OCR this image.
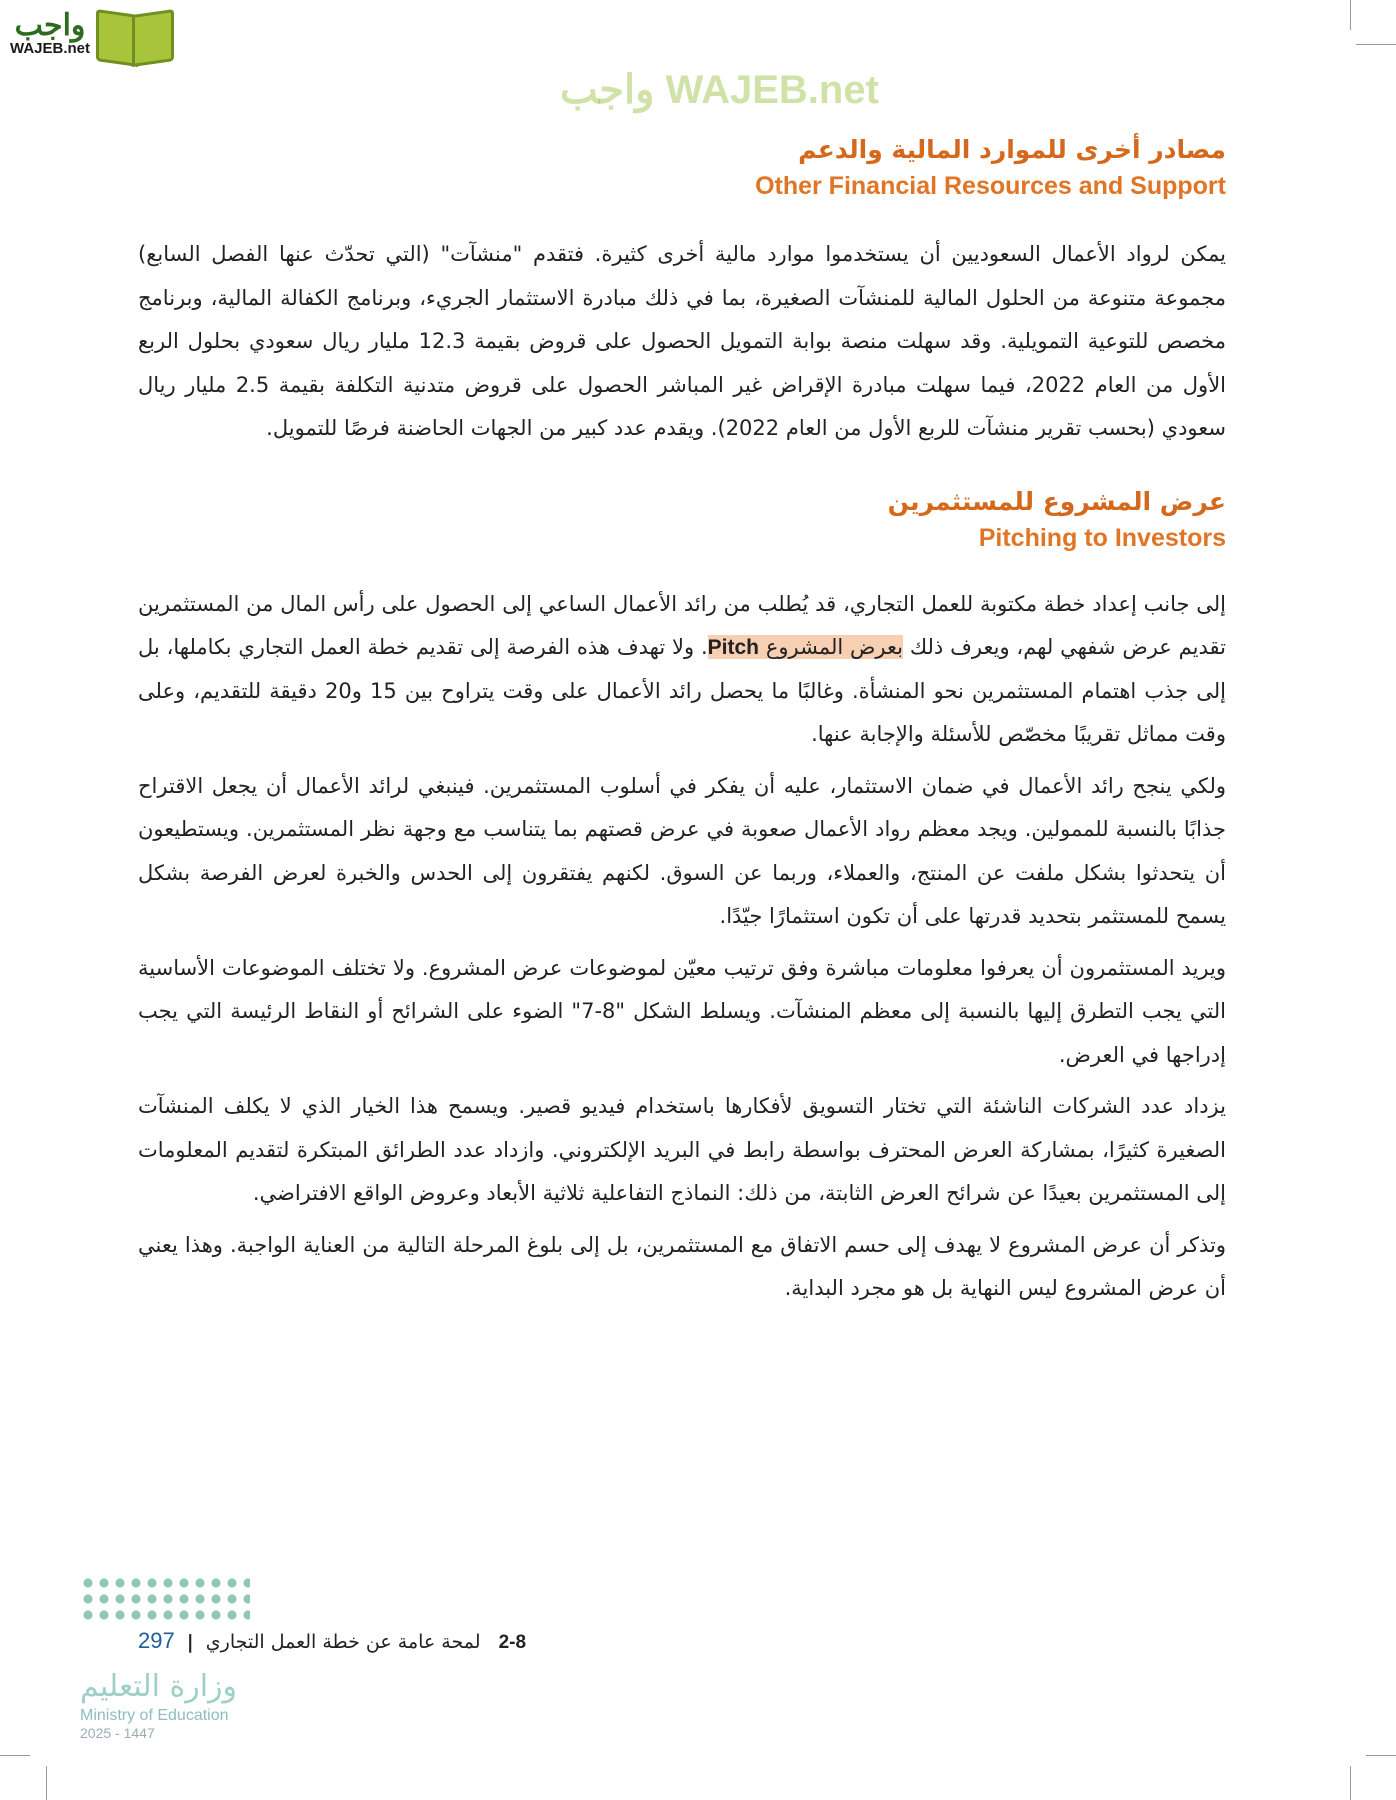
واجب
WAJEB.net
واجب WAJEB.net
مصادر أخرى للموارد المالية والدعم
Other Financial Resources and Support

يمكن لرواد الأعمال السعوديين أن يستخدموا موارد مالية أخرى كثيرة. فتقدم "منشآت" (التي تحدّث عنها الفصل السابع) مجموعة متنوعة من الحلول المالية للمنشآت الصغيرة، بما في ذلك مبادرة الاستثمار الجريء، وبرنامج الكفالة المالية، وبرنامج مخصص للتوعية التمويلية. وقد سهلت منصة بوابة التمويل الحصول على قروض بقيمة 12.3 مليار ريال سعودي بحلول الربع الأول من العام 2022، فيما سهلت مبادرة الإقراض غير المباشر الحصول على قروض متدنية التكلفة بقيمة 2.5 مليار ريال سعودي (بحسب تقرير منشآت للربع الأول من العام 2022). ويقدم عدد كبير من الجهات الحاضنة فرصًا للتمويل.

عرض المشروع للمستثمرين
Pitching to Investors

إلى جانب إعداد خطة مكتوبة للعمل التجاري، قد يُطلب من رائد الأعمال الساعي إلى الحصول على رأس المال من المستثمرين تقديم عرض شفهي لهم، ويعرف ذلك بعرض المشروع Pitch. ولا تهدف هذه الفرصة إلى تقديم خطة العمل التجاري بكاملها، بل إلى جذب اهتمام المستثمرين نحو المنشأة. وغالبًا ما يحصل رائد الأعمال على وقت يتراوح بين 15 و20 دقيقة للتقديم، وعلى وقت مماثل تقريبًا مخصّص للأسئلة والإجابة عنها.

ولكي ينجح رائد الأعمال في ضمان الاستثمار، عليه أن يفكر في أسلوب المستثمرين. فينبغي لرائد الأعمال أن يجعل الاقتراح جذابًا بالنسبة للممولين. ويجد معظم رواد الأعمال صعوبة في عرض قصتهم بما يتناسب مع وجهة نظر المستثمرين. ويستطيعون أن يتحدثوا بشكل ملفت عن المنتج، والعملاء، وربما عن السوق. لكنهم يفتقرون إلى الحدس والخبرة لعرض الفرصة بشكل يسمح للمستثمر بتحديد قدرتها على أن تكون استثمارًا جيّدًا.

ويريد المستثمرون أن يعرفوا معلومات مباشرة وفق ترتيب معيّن لموضوعات عرض المشروع. ولا تختلف الموضوعات الأساسية التي يجب التطرق إليها بالنسبة إلى معظم المنشآت. ويسلط الشكل "8-7" الضوء على الشرائح أو النقاط الرئيسة التي يجب إدراجها في العرض.

يزداد عدد الشركات الناشئة التي تختار التسويق لأفكارها باستخدام فيديو قصير. ويسمح هذا الخيار الذي لا يكلف المنشآت الصغيرة كثيرًا، بمشاركة العرض المحترف بواسطة رابط في البريد الإلكتروني. وازداد عدد الطرائق المبتكرة لتقديم المعلومات إلى المستثمرين بعيدًا عن شرائح العرض الثابتة، من ذلك: النماذج التفاعلية ثلاثية الأبعاد وعروض الواقع الافتراضي.

وتذكر أن عرض المشروع لا يهدف إلى حسم الاتفاق مع المستثمرين، بل إلى بلوغ المرحلة التالية من العناية الواجبة. وهذا يعني أن عرض المشروع ليس النهاية بل هو مجرد البداية.

297 | لمحة عامة عن خطة العمل التجاري 2-8
وزارة التعليم
Ministry of Education
2025 - 1447
